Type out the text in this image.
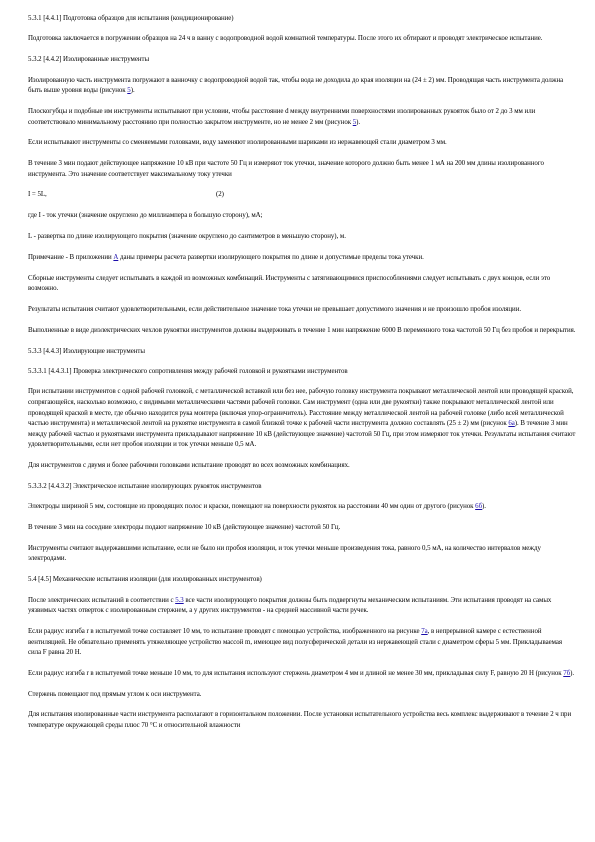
5.3.1 [4.4.1] Подготовка образцов для испытания (кондиционирование)

Подготовка заключается в погружении образцов на 24 ч в ванну с водопроводной водой комнатной температуры. После этого их обтирают и проводят электрическое испытание.

5.3.2 [4.4.2] Изолированные инструменты

Изолированную часть инструмента погружают в ванночку с водопроводной водой так, чтобы вода не доходила до края изоляции на (24 ± 2) мм. Проводящая часть инструмента должна быть выше уровня воды (рисунок 5).

Плоскогубцы и подобные им инструменты испытывают при условии, чтобы расстояние d между внутренними поверхностями изолированных рукояток было от 2 до 3 мм или соответствовало минимальному расстоянию при полностью закрытом инструменте, но не менее 2 мм (рисунок 5).

Если испытывают инструменты со сменяемыми головками, воду заменяют изолированными шариками из нержавеющей стали диаметром 3 мм.

В течение 3 мин подают действующее напряжение 10 кВ при частоте 50 Гц и измеряют ток утечки, значение которого должно быть менее 1 мА на 200 мм длины изолированного инструмента. Это значение соответствует максимальному току утечки

I = 5L,	(2)

где I - ток утечки (значение округлено до миллиампера в большую сторону), мА;

L - развертка по длине изолирующего покрытия (значение округлено до сантиметров в меньшую сторону), м.

Примечание - В приложении А даны примеры расчета развертки изолирующего покрытия по длине и допустимые пределы тока утечки.

Сборные инструменты следует испытывать в каждой из возможных комбинаций. Инструменты с затягивающимися приспособлениями следует испытывать с двух концов, если это возможно.

Результаты испытания считают удовлетворительными, если действительное значение тока утечки не превышает допустимого значения и не произошло пробоя изоляции.

Выполненные в виде диэлектрических чехлов рукоятки инструментов должны выдерживать в течение 1 мин напряжение 6000 В переменного тока частотой 50 Гц без пробоя и перекрытия.

5.3.3 [4.4.3] Изолирующие инструменты

5.3.3.1 [4.4.3.1] Проверка электрического сопротивления между рабочей головкой и рукоятками инструментов

При испытании инструментов с одной рабочей головкой, с металлической вставкой или без нее, рабочую головку инструмента покрывают металлической лентой или проводящей краской, сопрягающейся, насколько возможно, с видимыми металлическими частями рабочей головки. Сам инструмент (одна или две рукоятки) также покрывают металлической лентой или проводящей краской в месте, где обычно находится рука монтера (включая упор-ограничитель). Расстояние между металлической лентой на рабочей головке (либо всей металлической частью инструмента) и металлической лентой на рукоятке инструмента в самой близкой точке к рабочей части инструмента должно составлять (25 ± 2) мм (рисунок 6а). В течение 3 мин между рабочей частью и рукоятками инструмента прикладывают напряжение 10 кВ (действующее значение) частотой 50 Гц, при этом измеряют ток утечки. Результаты испытания считают удовлетворительными, если нет пробоя изоляции и ток утечки меньше 0,5 мА.

Для инструментов с двумя и более рабочими головками испытание проводят во всех возможных комбинациях.

5.3.3.2 [4.4.3.2] Электрическое испытание изолирующих рукояток инструментов

Электроды шириной 5 мм, состоящие из проводящих полос и краски, помещают на поверхности рукояток на расстоянии 40 мм один от другого (рисунок 6б).

В течение 3 мин на соседние электроды подают напряжение 10 кВ (действующее значение) частотой 50 Гц.

Инструменты считают выдержавшими испытание, если не было ни пробоя изоляции, и ток утечки меньше произведения тока, равного 0,5 мА, на количество интервалов между электродами.

5.4 [4.5] Механические испытания изоляции (для изолированных инструментов)

После электрических испытаний в соответствии с 5.3 все части изолирующего покрытия должны быть подвергнуты механическим испытаниям. Эти испытания проводят на самых уязвимых частях отверток с изолированным стержнем, а у других инструментов - на средней массивной части ручек.

Если радиус изгиба r в испытуемой точке составляет 10 мм, то испытание проводят с помощью устройства, изображенного на рисунке 7а, в непрерывной камере с естественной вентиляцией. Не обязательно применять утяжеляющее устройство массой m, имеющее вид полусферической детали из нержавеющей стали с диаметром сферы 5 мм. Прикладываемая сила F равна 20 Н.

Если радиус изгиба r в испытуемой точке меньше 10 мм, то для испытания используют стержень диаметром 4 мм и длиной не менее 30 мм, прикладывая силу F, равную 20 Н (рисунок 7б).

Стержень помещают под прямым углом к оси инструмента.

Для испытания изолированные части инструмента располагают в горизонтальном положении. После установки испытательного устройства весь комплекс выдерживают в течение 2 ч при температуре окружающей среды плюс 70 °С и относительной влажности
